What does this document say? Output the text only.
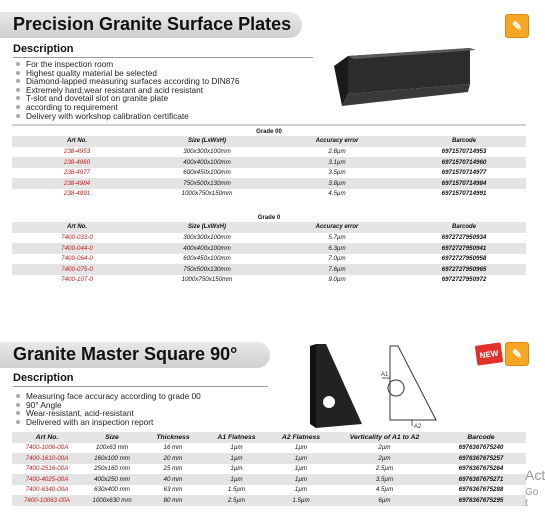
Precision Granite Surface Plates	✎
Description
For the inspection room
Highest quality material be selected
Diamond-lapped measuring surfaces according to DIN876
Extremely hard,wear resistant and acid resistant
T-slot and dovetail slot on granite plate
according to requirement
Delivery with workshop calibration certificate
Grade 00			
Art No.	Size (LxWxH)	Accuracy error	Barcode
238-4953	300x300x100mm	2.8µm	6971570714953
238-4960	400x400x100mm	3.1µm	6971570714960
238-4977	600x450x100mm	3.5µm	6971570714977
238-4984	750x500x130mm	3.8µm	6971570714984
238-4991	1000x750x150mm	4.5µm	6971570714991
Grade 0			
Art No.	Size (LxWxH)	Accuracy error	Barcode
7400-033-0	300x300x100mm	5.7µm	6972727950934
7400-044-0	400x400x100mm	6.3µm	6972727950941
7400-064-0	600x450x100mm	7.0µm	6972727950958
7400-075-0	750x500x130mm	7.6µm	6972727950965
7400-107-0	1000x750x150mm	9.0µm	6972727950972
Granite Master Square 90°	NEW	✎
Description
Measuring face accuracy according to grade 00
90° Angle
Wear-resistant, acid-resistant
Delivered with an inspection report
A1
A2
Art No.	Size	Thickness	A1 Flatness	A2 Flatness	Verticality of A1 to A2	Barcode
7400-1006-00A	100x63 mm	16 mm	1µm	1µm	2µm	6976367675240
7400-1610-00A	160x100 mm	20 mm	1µm	1µm	2µm	6976367675257
7400-2516-00A	250x160 mm	25 mm	1µm	1µm	2.5µm	6976367675264
7400-4025-00A	400x250 mm	40 mm	1µm	1µm	3.5µm	6976367675271
7400-6340-00A	630x400 mm	63 mm	1.5µm	1µm	4.5µm	6976367675288
7400-10063-00A	1000x630 mm	80 mm	2.5µm	1.5µm	6µm	6976367675295
Act
Go t
